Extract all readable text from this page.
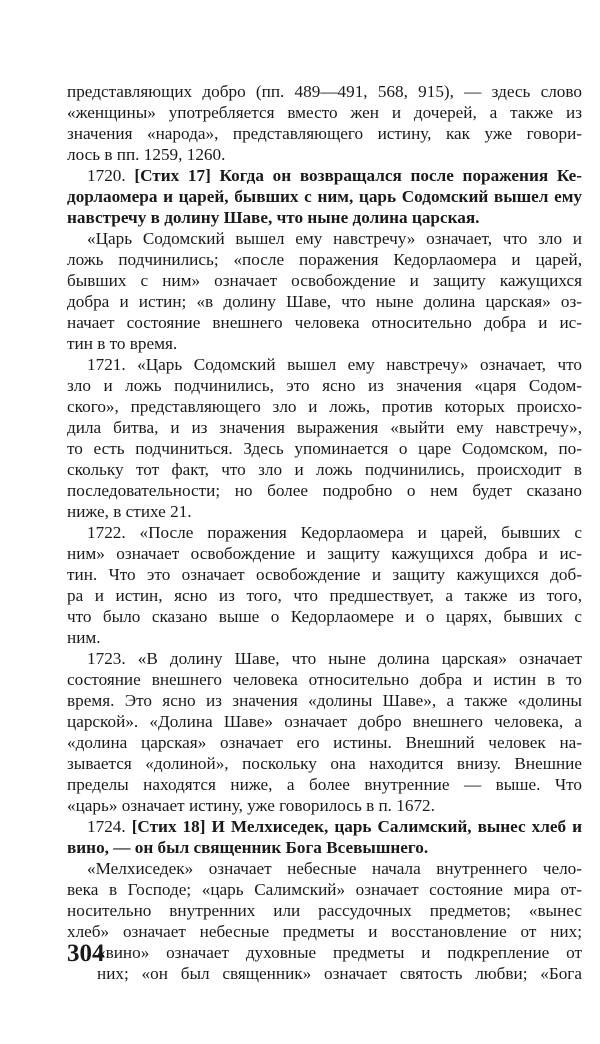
представляющих добро (пп. 489—491, 568, 915), — здесь слово
«женщины» употребляется вместо жен и дочерей, а также из
значения «народа», представляющего истину, как уже говори-
лось в пп. 1259, 1260.
1720. [Стих 17] Когда он возвращался после поражения Ке-
дорлаомера и царей, бывших с ним, царь Содомский вышел ему
навстречу в долину Шаве, что ныне долина царская.
«Царь Содомский вышел ему навстречу» означает, что зло и
ложь подчинились; «после поражения Кедорлаомера и царей,
бывших с ним» означает освобождение и защиту кажущихся
добра и истин; «в долину Шаве, что ныне долина царская» оз-
начает состояние внешнего человека относительно добра и ис-
тин в то время.
1721. «Царь Содомский вышел ему навстречу» означает, что
зло и ложь подчинились, это ясно из значения «царя Содом-
ского», представляющего зло и ложь, против которых происхо-
дила битва, и из значения выражения «выйти ему навстречу»,
то есть подчиниться. Здесь упоминается о царе Содомском, по-
скольку тот факт, что зло и ложь подчинились, происходит в
последовательности; но более подробно о нем будет сказано
ниже, в стихе 21.
1722. «После поражения Кедорлаомера и царей, бывших с
ним» означает освобождение и защиту кажущихся добра и ис-
тин. Что это означает освобождение и защиту кажущихся доб-
ра и истин, ясно из того, что предшествует, а также из того,
что было сказано выше о Кедорлаомере и о царях, бывших с
ним.
1723. «В долину Шаве, что ныне долина царская» означает
состояние внешнего человека относительно добра и истин в то
время. Это ясно из значения «долины Шаве», а также «долины
царской». «Долина Шаве» означает добро внешнего человека, а
«долина царская» означает его истины. Внешний человек на-
зывается «долиной», поскольку она находится внизу. Внешние
пределы находятся ниже, а более внутренние — выше. Что
«царь» означает истину, уже говорилось в п. 1672.
1724. [Стих 18] И Мелхиседек, царь Салимский, вынес хлеб и
вино, — он был священник Бога Всевышнего.
«Мелхиседек» означает небесные начала внутреннего чело-
века в Господе; «царь Салимский» означает состояние мира от-
носительно внутренних или рассудочных предметов; «вынес
хлеб» означает небесные предметы и восстановление от них;
«вино» означает духовные предметы и подкрепление от
них; «он был священник» означает святость любви; «Бога
304
